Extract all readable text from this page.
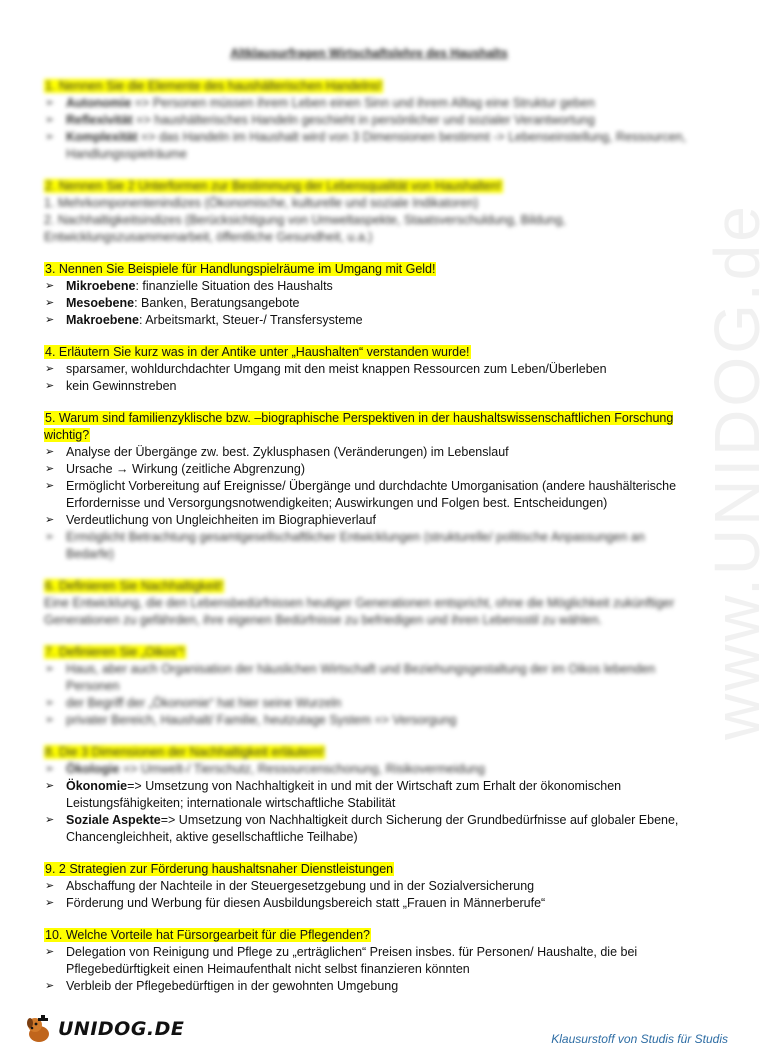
www.UNIDOG.de
Altklausurfragen Wirtschaftslehre des Haushalts
1. Nennen Sie die Elemente des haushälterischen Handelns!
➢ Autonomie => Personen müssen ihrem Leben einen Sinn und ihrem Alltag eine Struktur geben
➢ Reflexivität => haushälterisches Handeln geschieht in persönlicher und sozialer Verantwortung
➢ Komplexität => das Handeln im Haushalt wird von 3 Dimensionen bestimmt -> Lebenseinstellung, Ressourcen, Handlungsspielräume
2. Nennen Sie 2 Unterformen zur Bestimmung der Lebensqualität von Haushalten!
1. Mehrkomponentenindizes (Ökonomische, kulturelle und soziale Indikatoren)
2. Nachhaltigkeitsindizes (Berücksichtigung von Umweltaspekte, Staatsverschuldung, Bildung, Entwicklungszusammenarbeit, öffentliche Gesundheit, u.a.)
3. Nennen Sie Beispiele für Handlungspielräume im Umgang mit Geld!
➢ Mikroebene: finanzielle Situation des Haushalts
➢ Mesoebene: Banken, Beratungsangebote
➢ Makroebene: Arbeitsmarkt, Steuer-/ Transfersysteme
4. Erläutern Sie kurz was in der Antike unter „Haushalten“ verstanden wurde!
➢ sparsamer, wohldurchdachter Umgang mit den meist knappen Ressourcen zum Leben/Überleben
➢ kein Gewinnstreben
5. Warum sind familienzyklische bzw. –biographische Perspektiven in der haushaltswissenschaftlichen Forschung wichtig?
➢ Analyse der Übergänge zw. best. Zyklusphasen (Veränderungen) im Lebenslauf
➢ Ursache → Wirkung (zeitliche Abgrenzung)
➢ Ermöglicht Vorbereitung auf Ereignisse/ Übergänge und durchdachte Umorganisation (andere haushälterische Erfordernisse und Versorgungsnotwendigkeiten; Auswirkungen und Folgen best. Entscheidungen)
➢ Verdeutlichung von Ungleichheiten im Biographieverlauf
➢ Ermöglicht Betrachtung gesamtgesellschaftlicher Entwicklungen (strukturelle/ politische Anpassungen an Bedarfe)
6. Definieren Sie Nachhaltigkeit!
Eine Entwicklung, die den Lebensbedürfnissen heutiger Generationen entspricht, ohne die Möglichkeit zukünftiger Generationen zu gefährden, ihre eigenen Bedürfnisse zu befriedigen und ihren Lebensstil zu wählen.
7. Definieren Sie „Oikos“!
➢ Haus, aber auch Organisation der häuslichen Wirtschaft und Beziehungsgestaltung der im Oikos lebenden Personen
➢ der Begriff der „Ökonomie“ hat hier seine Wurzeln
➢ privater Bereich, Haushalt/ Familie, heutzutage System => Versorgung
8. Die 3 Dimensionen der Nachhaltigkeit erläutern!
➢ Ökologie => Umwelt-/ Tierschutz, Ressourcenschonung, Risikovermeidung
➢ Ökonomie=> Umsetzung von Nachhaltigkeit in und mit der Wirtschaft zum Erhalt der ökonomischen Leistungsfähigkeiten; internationale wirtschaftliche Stabilität
➢ Soziale Aspekte=> Umsetzung von Nachhaltigkeit durch Sicherung der Grundbedürfnisse auf globaler Ebene, Chancengleichheit, aktive gesellschaftliche Teilhabe)
9. 2 Strategien zur Förderung haushaltsnaher Dienstleistungen
➢ Abschaffung der Nachteile in der Steuergesetzgebung und in der Sozialversicherung
➢ Förderung und Werbung für diesen Ausbildungsbereich statt „Frauen in Männerberufe“
10. Welche Vorteile hat Fürsorgearbeit für die Pflegenden?
➢ Delegation von Reinigung und Pflege zu „erträglichen“ Preisen insbes. für Personen/ Haushalte, die bei Pflegebedürftigkeit einen Heimaufenthalt nicht selbst finanzieren könnten
➢ Verbleib der Pflegebedürftigen in der gewohnten Umgebung
UNIDOG.DE	Klausurstoff von Studis für Studis
